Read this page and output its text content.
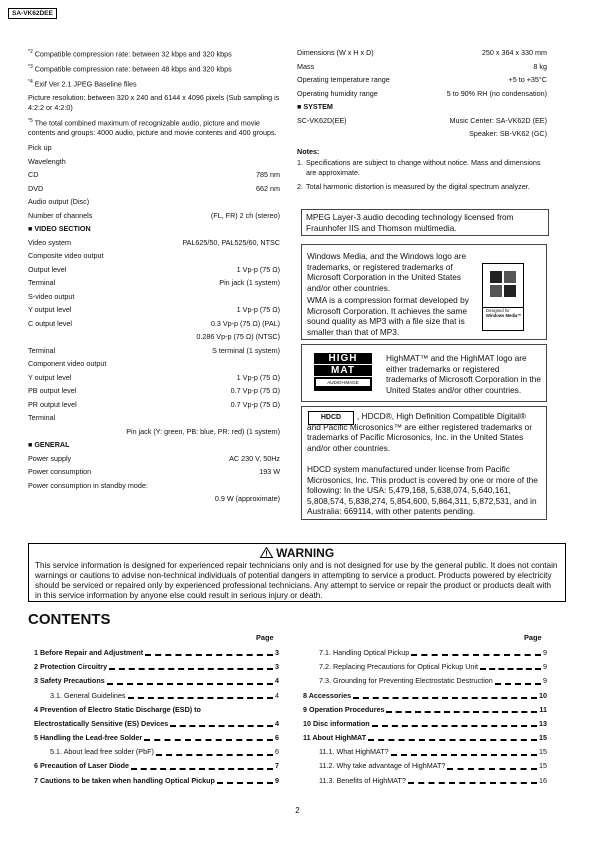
SA-VK62DEE
$^{*2}$ Compatible compression rate: between 32 kbps and 320 kbps
$^{*3}$ Compatible compression rate: between 48 kbps and 320 kbps
$^{*4}$ Exif Ver 2.1 JPEG Baseline files
Picture resolution: between 320 x 240 and 6144 x 4096 pixels (Sub sampling is 4:2:2 or 4:2:0)
$^{*5}$ The total combined maximum of recognizable audio, picture and movie contents and groups: 4000 audio, picture and movie contents and 400 groups.
Pick up
Wavelength
CD	785 nm
DVD	662 nm
Audio output (Disc)
Number of channels	(FL, FR) 2 ch (stereo)
■ VIDEO SECTION
Video system	PAL625/50, PAL525/60, NTSC
Composite video output
Output level	1 Vp-p (75 Ω)
Terminal	Pin jack (1 system)
S-video output
Y output level	1 Vp-p (75 Ω)
C output level	0.3 Vp-p (75 Ω) (PAL)
0.286 Vp-p (75 Ω) (NTSC)
Terminal	S terminal (1 system)
Component video output
Y output level	1 Vp-p (75 Ω)
PB output level	0.7 Vp-p (75 Ω)
PR output level	0.7 Vp-p (75 Ω)
Terminal
Pin jack (Y: green, PB: blue, PR: red) (1 system)
■ GENERAL
Power supply	AC 230 V, 50Hz
Power consumption	193 W
Power consumption in standby mode:
0.9 W (approximate)
Dimensions (W x H x D)	250 x 364 x 330 mm
Mass	8 kg
Operating temperature range	+5 to +35°C
Operating humidity range	5 to 90% RH (no condensation)
■ SYSTEM
SC-VK62D(EE)	Music Center: SA-VK62D (EE)
Speaker: SB-VK62 (GC)
Notes:
1. Specifications are subject to change without notice. Mass and dimensions are approximate.
2. Total harmonic distortion is measured by the digital spectrum analyzer.
MPEG Layer-3 audio decoding technology licensed from Fraunhofer IIS and Thomson multimedia.
Windows Media, and the Windows logo are trademarks, or registered trademarks of Microsoft Corporation in the United States and/or other countries.
WMA is a compression format developed by Microsoft Corporation. It achieves the same sound quality as MP3 with a file size that is smaller than that of MP3.
Designed for
Windows Media™
HIGH
MAT
AUDIO+IMAGE
HighMAT™ and the HighMAT logo are either trademarks or registered trademarks of Microsoft Corporation in the United States and/or other countries.
HDCD	, HDCD®, High Definition Compatible Digital® and Pacific Microsonics™ are either registered trademarks or trademarks of Pacific Microsonics, Inc. in the United States and/or other countries.
HDCD system manufactured under license from Pacific Microsonics, Inc. This product is covered by one or more of the following: In the USA: 5,479,168, 5,638,074, 5,640,161, 5,808,574, 5,838,274, 5,854,600, 5,864,311, 5,872,531, and in Australia: 669114, with other patents pending.
WARNING
This service information is designed for experienced repair technicians only and is not designed for use by the general public. It does not contain warnings or cautions to advise non-technical individuals of potential dangers in attempting to service a product. Products powered by electricity should be serviced or repaired only by experienced professional technicians. Any attempt to service or repair the product or products dealt with in this service information by anyone else could result in serious injury or death.
CONTENTS
Page	Page
1 Before Repair and Adjustment	3
2 Protection Circuitry	3
3 Safety Precautions	4
3.1. General Guidelines	4
4 Prevention of Electro Static Discharge (ESD) to
Electrostatically Sensitive (ES) Devices	4
5 Handling the Lead-free Solder	6
5.1. About lead free solder (PbF)	6
6 Precaution of Laser Diode	7
7 Cautions to be taken when handling Optical Pickup	9
7.1. Handling Optical Pickup	9
7.2. Replacing Precautions for Optical Pickup Unit	9
7.3. Grounding for Preventing Electrostatic Destruction	9
8 Accessories	10
9 Operation Procedures	11
10 Disc information	13
11 About HighMAT	15
11.1. What HighMAT?	15
11.2. Why take advantage of HighMAT?	15
11.3. Benefits of HighMAT?	16
2
